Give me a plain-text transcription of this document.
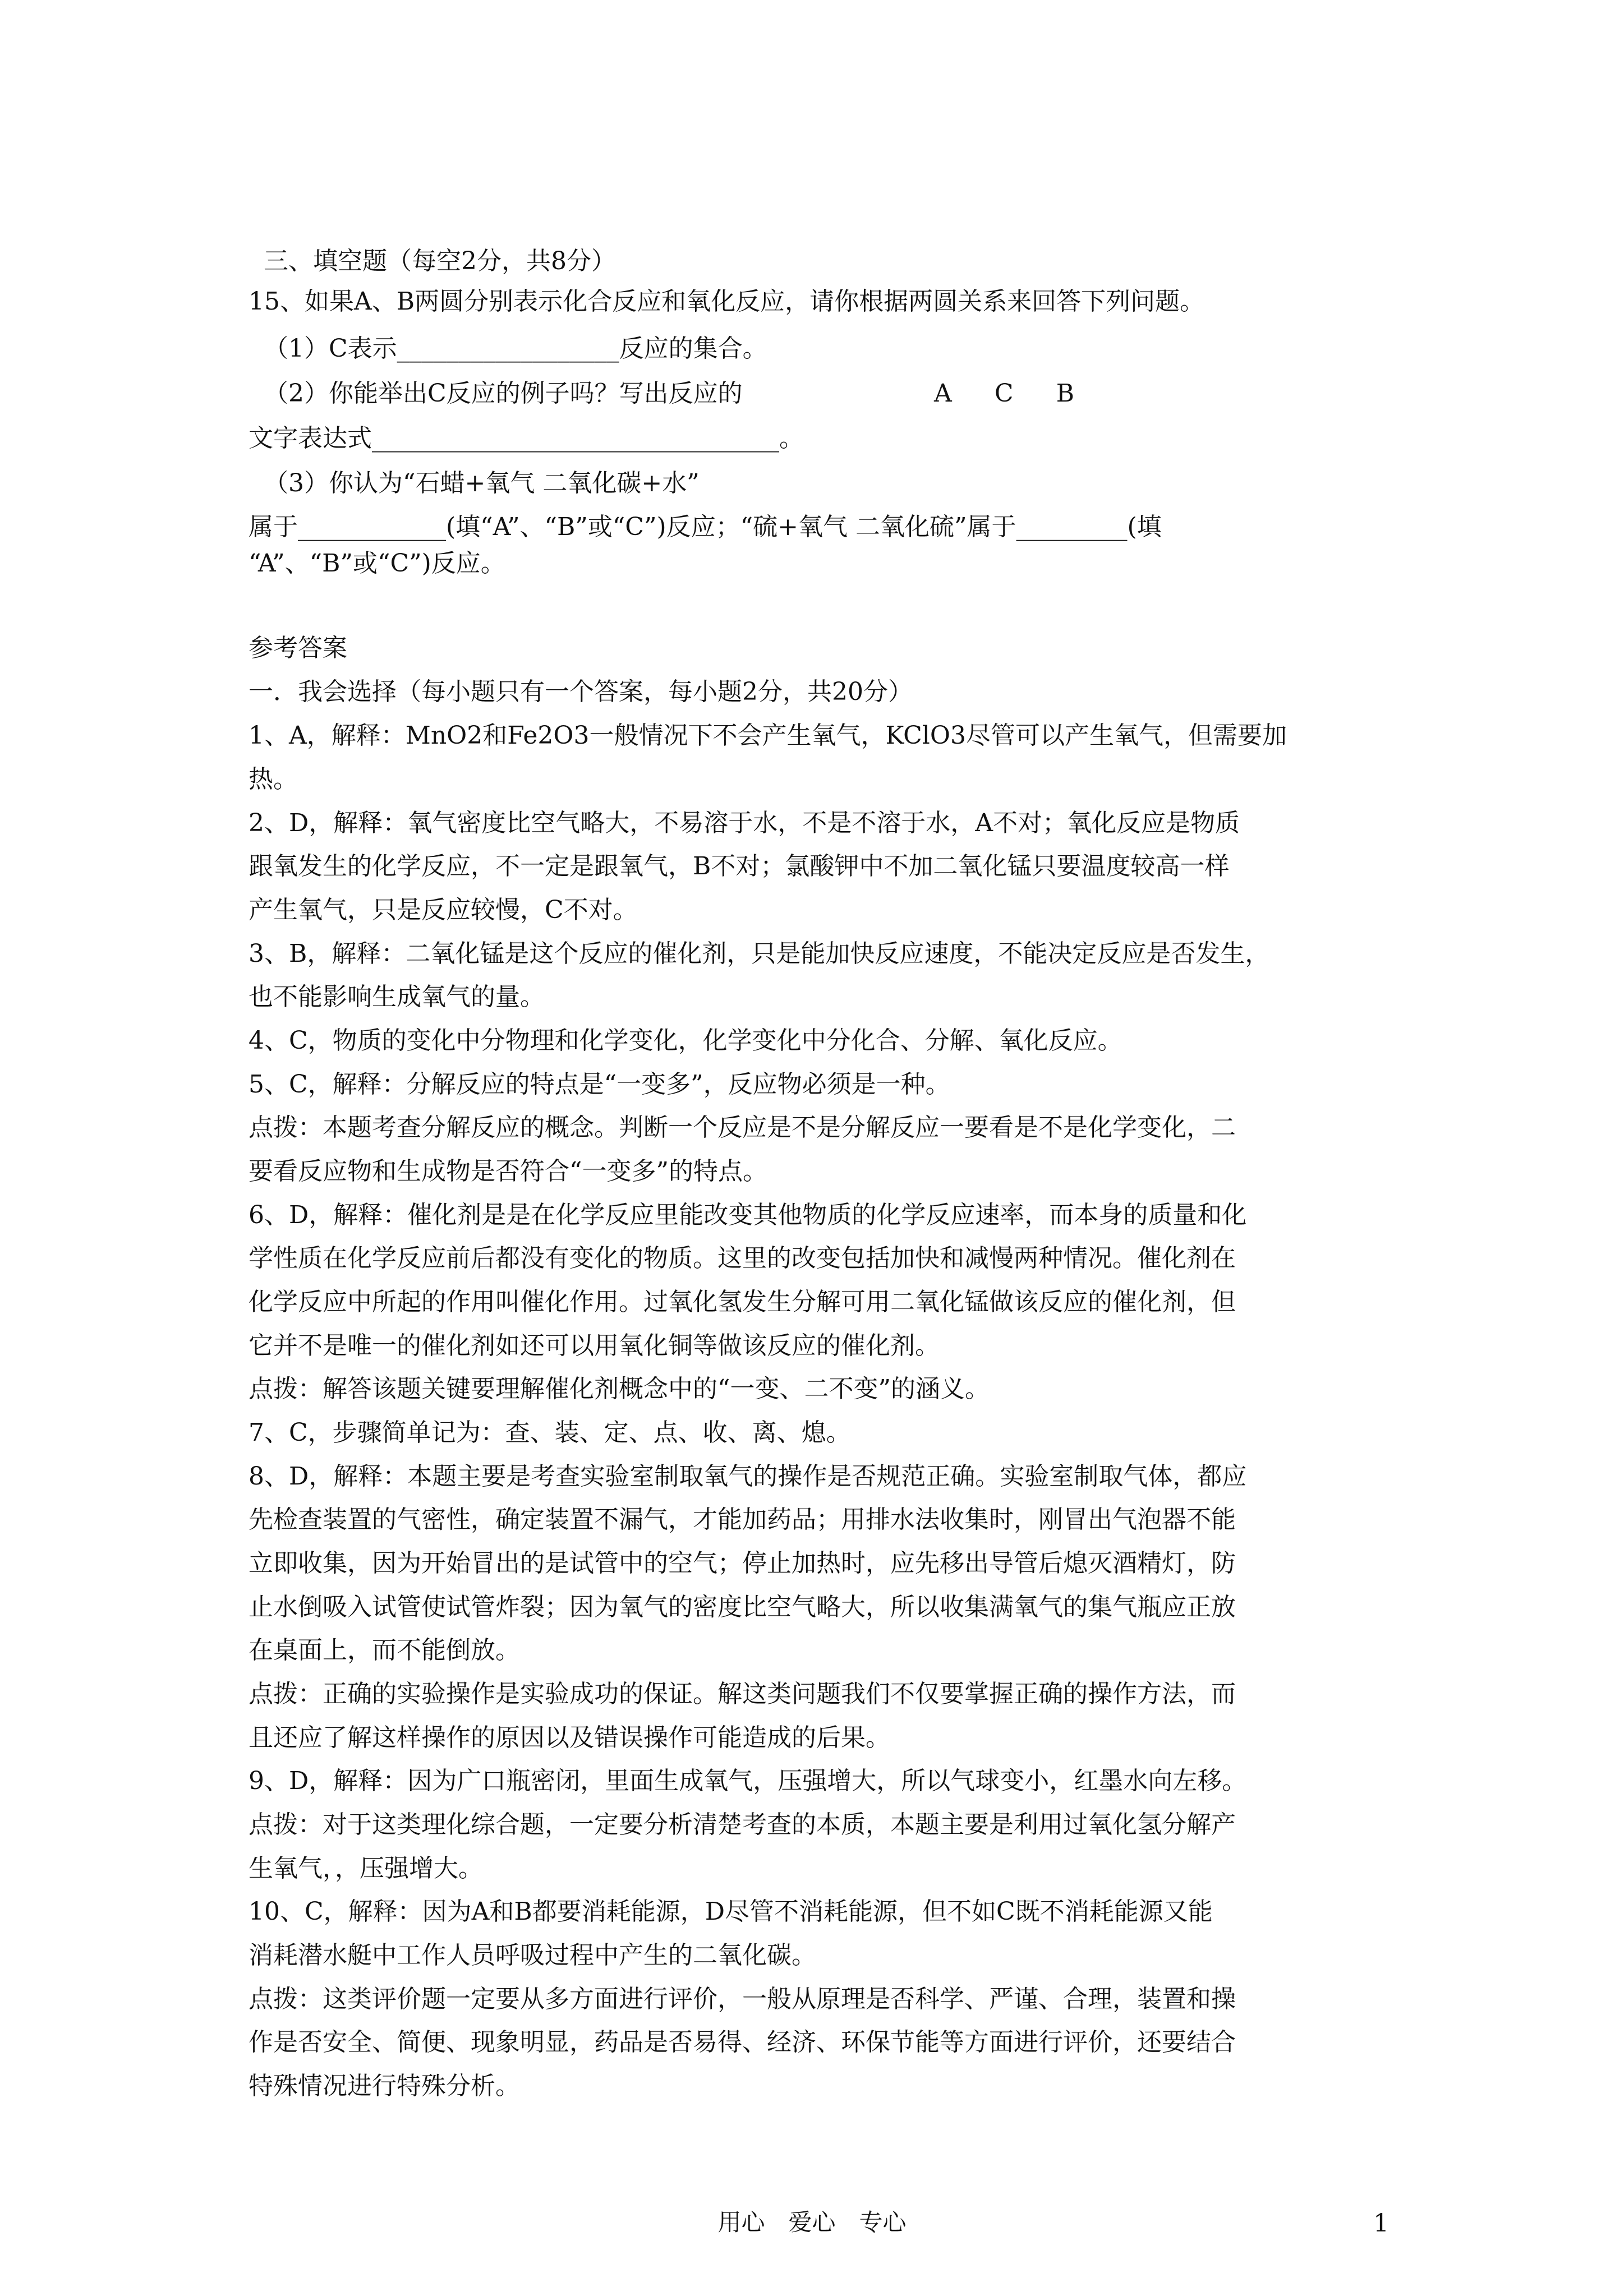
三、填空题（每空2分，共8分）
15、如果A、B两圆分别表示化合反应和氧化反应，请你根据两圆关系来回答下列问题。
（1）C表示__________________反应的集合。
（2）你能举出C反应的例子吗？写出反应的	A C B
文字表达式_________________________________。
（3）你认为“石蜡+氧气 二氧化碳+水”
属于____________(填“A”、“B”或“C”)反应；“硫+氧气 二氧化硫”属于_________(填
“A”、“B”或“C”)反应。
参考答案
一．我会选择（每小题只有一个答案，每小题2分，共20分）
1、A，解释：MnO2和Fe2O3一般情况下不会产生氧气，KClO3尽管可以产生氧气，但需要加
热。
2、D，解释：氧气密度比空气略大，不易溶于水，不是不溶于水，A不对；氧化反应是物质
跟氧发生的化学反应，不一定是跟氧气，B不对；氯酸钾中不加二氧化锰只要温度较高一样
产生氧气，只是反应较慢，C不对。
3、B，解释：二氧化锰是这个反应的催化剂，只是能加快反应速度，不能决定反应是否发生，
也不能影响生成氧气的量。
4、C，物质的变化中分物理和化学变化，化学变化中分化合、分解、氧化反应。
5、C，解释：分解反应的特点是“一变多”，反应物必须是一种。
点拨：本题考查分解反应的概念。判断一个反应是不是分解反应一要看是不是化学变化，二
要看反应物和生成物是否符合“一变多”的特点。
6、D，解释：催化剂是是在化学反应里能改变其他物质的化学反应速率，而本身的质量和化
学性质在化学反应前后都没有变化的物质。这里的改变包括加快和减慢两种情况。催化剂在
化学反应中所起的作用叫催化作用。过氧化氢发生分解可用二氧化锰做该反应的催化剂，但
它并不是唯一的催化剂如还可以用氧化铜等做该反应的催化剂。
点拨：解答该题关键要理解催化剂概念中的“一变、二不变”的涵义。
7、C，步骤简单记为：查、装、定、点、收、离、熄。
8、D，解释：本题主要是考查实验室制取氧气的操作是否规范正确。实验室制取气体，都应
先检查装置的气密性，确定装置不漏气，才能加药品；用排水法收集时，刚冒出气泡器不能
立即收集，因为开始冒出的是试管中的空气；停止加热时，应先移出导管后熄灭酒精灯，防
止水倒吸入试管使试管炸裂；因为氧气的密度比空气略大，所以收集满氧气的集气瓶应正放
在桌面上，而不能倒放。
点拨：正确的实验操作是实验成功的保证。解这类问题我们不仅要掌握正确的操作方法，而
且还应了解这样操作的原因以及错误操作可能造成的后果。
9、D，解释：因为广口瓶密闭，里面生成氧气，压强增大，所以气球变小，红墨水向左移。
点拨：对于这类理化综合题，一定要分析清楚考查的本质，本题主要是利用过氧化氢分解产
生氧气，，压强增大。
10、C，解释：因为A和B都要消耗能源，D尽管不消耗能源，但不如C既不消耗能源又能
消耗潜水艇中工作人员呼吸过程中产生的二氧化碳。
点拨：这类评价题一定要从多方面进行评价，一般从原理是否科学、严谨、合理，装置和操
作是否安全、简便、现象明显，药品是否易得、经济、环保节能等方面进行评价，还要结合
特殊情况进行特殊分析。
用心　爱心　专心	1
